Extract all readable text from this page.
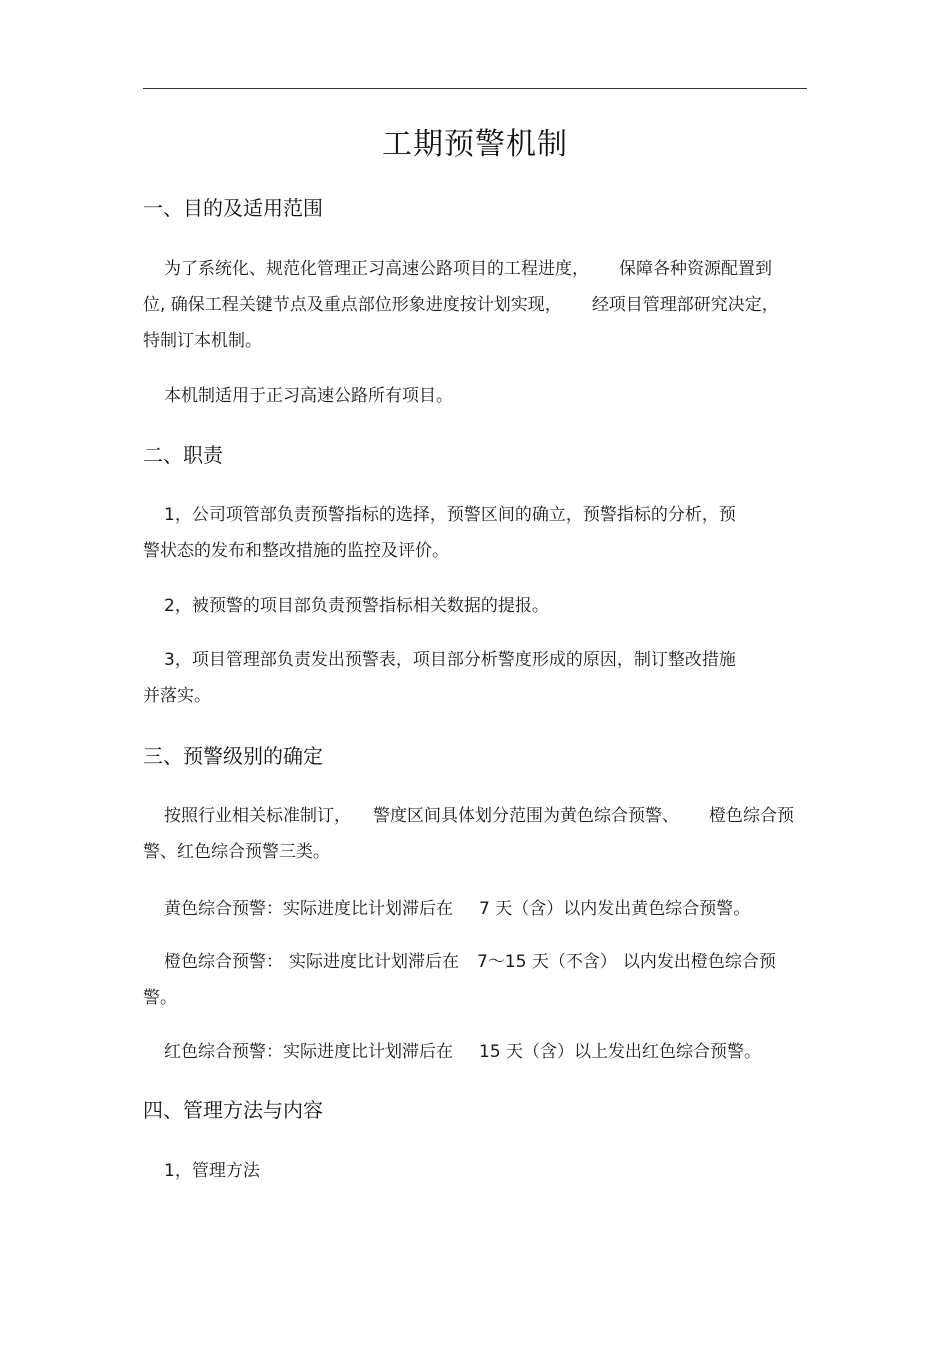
工期预警机制
一、目的及适用范围
为了系统化、规范化管理正习高速公路项目的工程进度， 保障各种资源配置到
位, 确保工程关键节点及重点部位形象进度按计划实现， 经项目管理部研究决定，
特制订本机制。
本机制适用于正习高速公路所有项目。
二、职责
1，公司项管部负责预警指标的选择，预警区间的确立，预警指标的分析，预
警状态的发布和整改措施的监控及评价。
2，被预警的项目部负责预警指标相关数据的提报。
3，项目管理部负责发出预警表，项目部分析警度形成的原因，制订整改措施
并落实。
三、预警级别的确定
按照行业相关标准制订， 警度区间具体划分范围为黄色综合预警、 橙色综合预
警、红色综合预警三类。
黄色综合预警：实际进度比计划滞后在 7 天（含）以内发出黄色综合预警。
橙色综合预警： 实际进度比计划滞后在 7～15 天（不含） 以内发出橙色综合预
警。
红色综合预警：实际进度比计划滞后在 15 天（含）以上发出红色综合预警。
四、管理方法与内容
1，管理方法
